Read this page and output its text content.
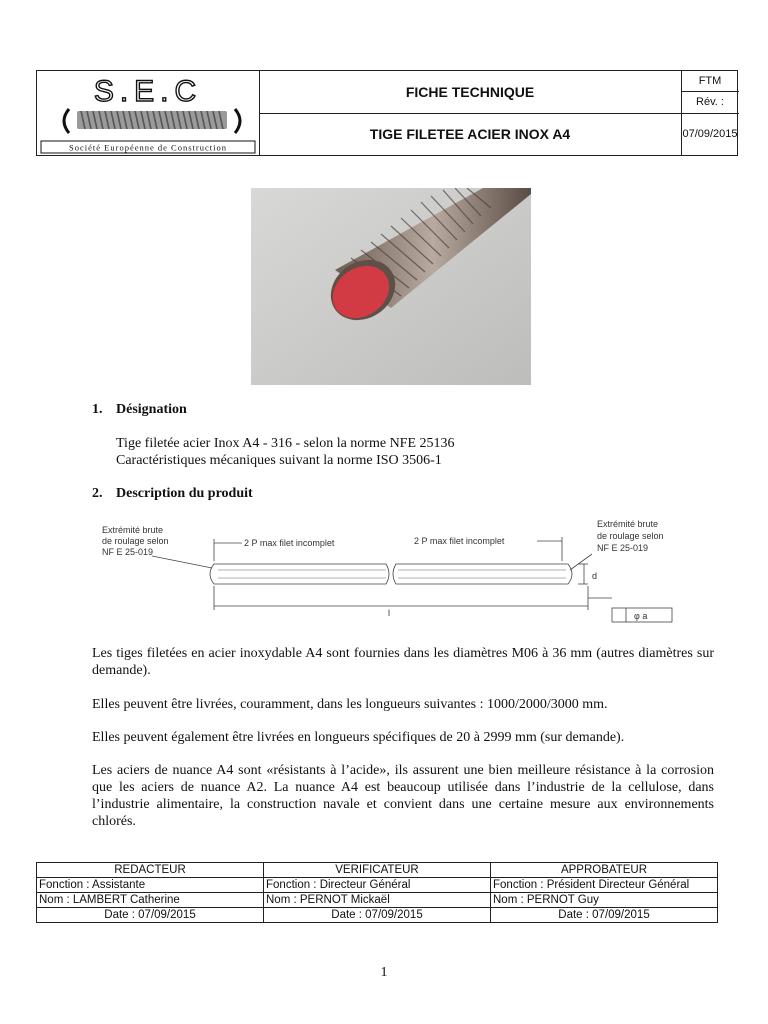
S.E.C
Société Européenne de Construction
FICHE TECHNIQUE
TIGE FILETEE ACIER INOX A4
FTM
Rév. :
07/09/2015
1. Désignation
Tige filetée acier Inox A4 - 316 - selon la norme NFE 25136
Caractéristiques mécaniques suivant la norme ISO 3506-1
2. Description du produit
Extrémité brute
de roulage selon
NF E 25-019
Extrémité brute
de roulage selon
NF E 25-019
2 P max filet incomplet	2 P max filet incomplet
l
d
φ a
Les tiges filetées en acier inoxydable A4 sont fournies dans les diamètres M06 à 36 mm (autres diamètres sur demande).
Elles peuvent être livrées, couramment, dans les longueurs suivantes : 1000/2000/3000 mm.
Elles peuvent également être livrées en longueurs spécifiques de 20 à 2999 mm (sur demande).
Les aciers de nuance A4 sont «résistants à l’acide», ils assurent une bien meilleure résistance à la corrosion que les aciers de nuance A2. La nuance A4 est beaucoup utilisée dans l’industrie de la cellulose, dans l’industrie alimentaire, la construction navale et convient dans une certaine mesure aux environnements chlorés.
REDACTEUR	VERIFICATEUR	APPROBATEUR
Fonction : Assistante	Fonction : Directeur Général	Fonction : Président Directeur Général
Nom : LAMBERT Catherine	Nom : PERNOT Mickaël	Nom : PERNOT Guy
Date : 07/09/2015	Date : 07/09/2015	Date : 07/09/2015
1
